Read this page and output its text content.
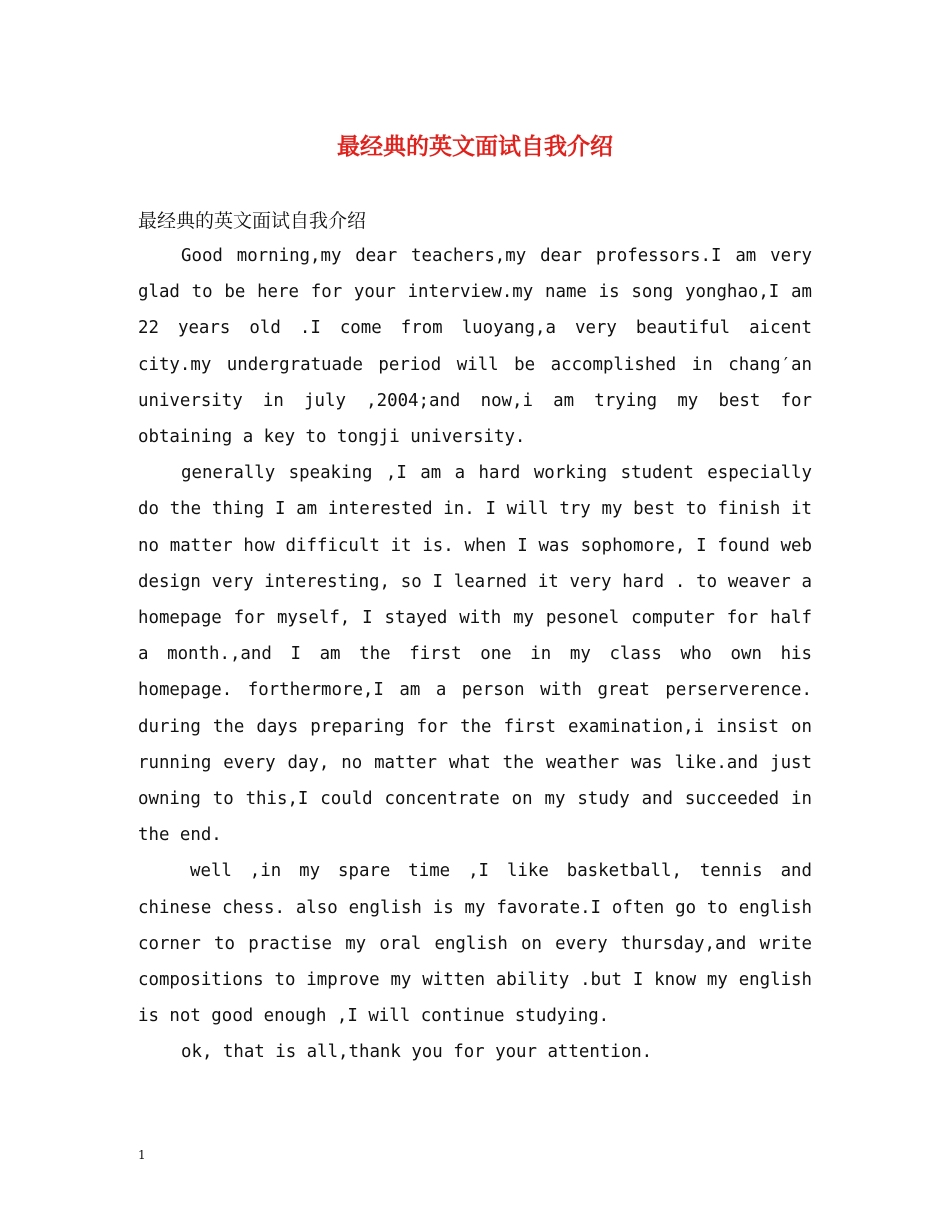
最经典的英文面试自我介绍
最经典的英文面试自我介绍

Good morning,my dear teachers,my dear professors.I am very glad to be here for your interview.my name is song yonghao,I am 22 years old .I come from luoyang,a very beautiful aicent city.my undergratuade period will be accomplished in chang′an university in july ,2004;and now,i am trying my best for obtaining a key to tongji university.

generally speaking ,I am a hard working student especially do the thing I am interested in. I will try my best to finish it no matter how difficult it is. when I was sophomore, I found web design very interesting, so I learned it very hard . to weaver a homepage for myself, I stayed with my pesonel computer for half a month.,and I am the first one in my class who own his homepage. forthermore,I am a person with great perserverence. during the days preparing for the first examination,i insist on running every day, no matter what the weather was like.and just owning to this,I could concentrate on my study and succeeded in the end.

well ,in my spare time ,I like basketball, tennis and chinese chess. also english is my favorate.I often go to english corner to practise my oral english on every thursday,and write compositions to improve my witten ability .but I know my english is not good enough ,I will continue studying.

ok, that is all,thank you for your attention.

1
